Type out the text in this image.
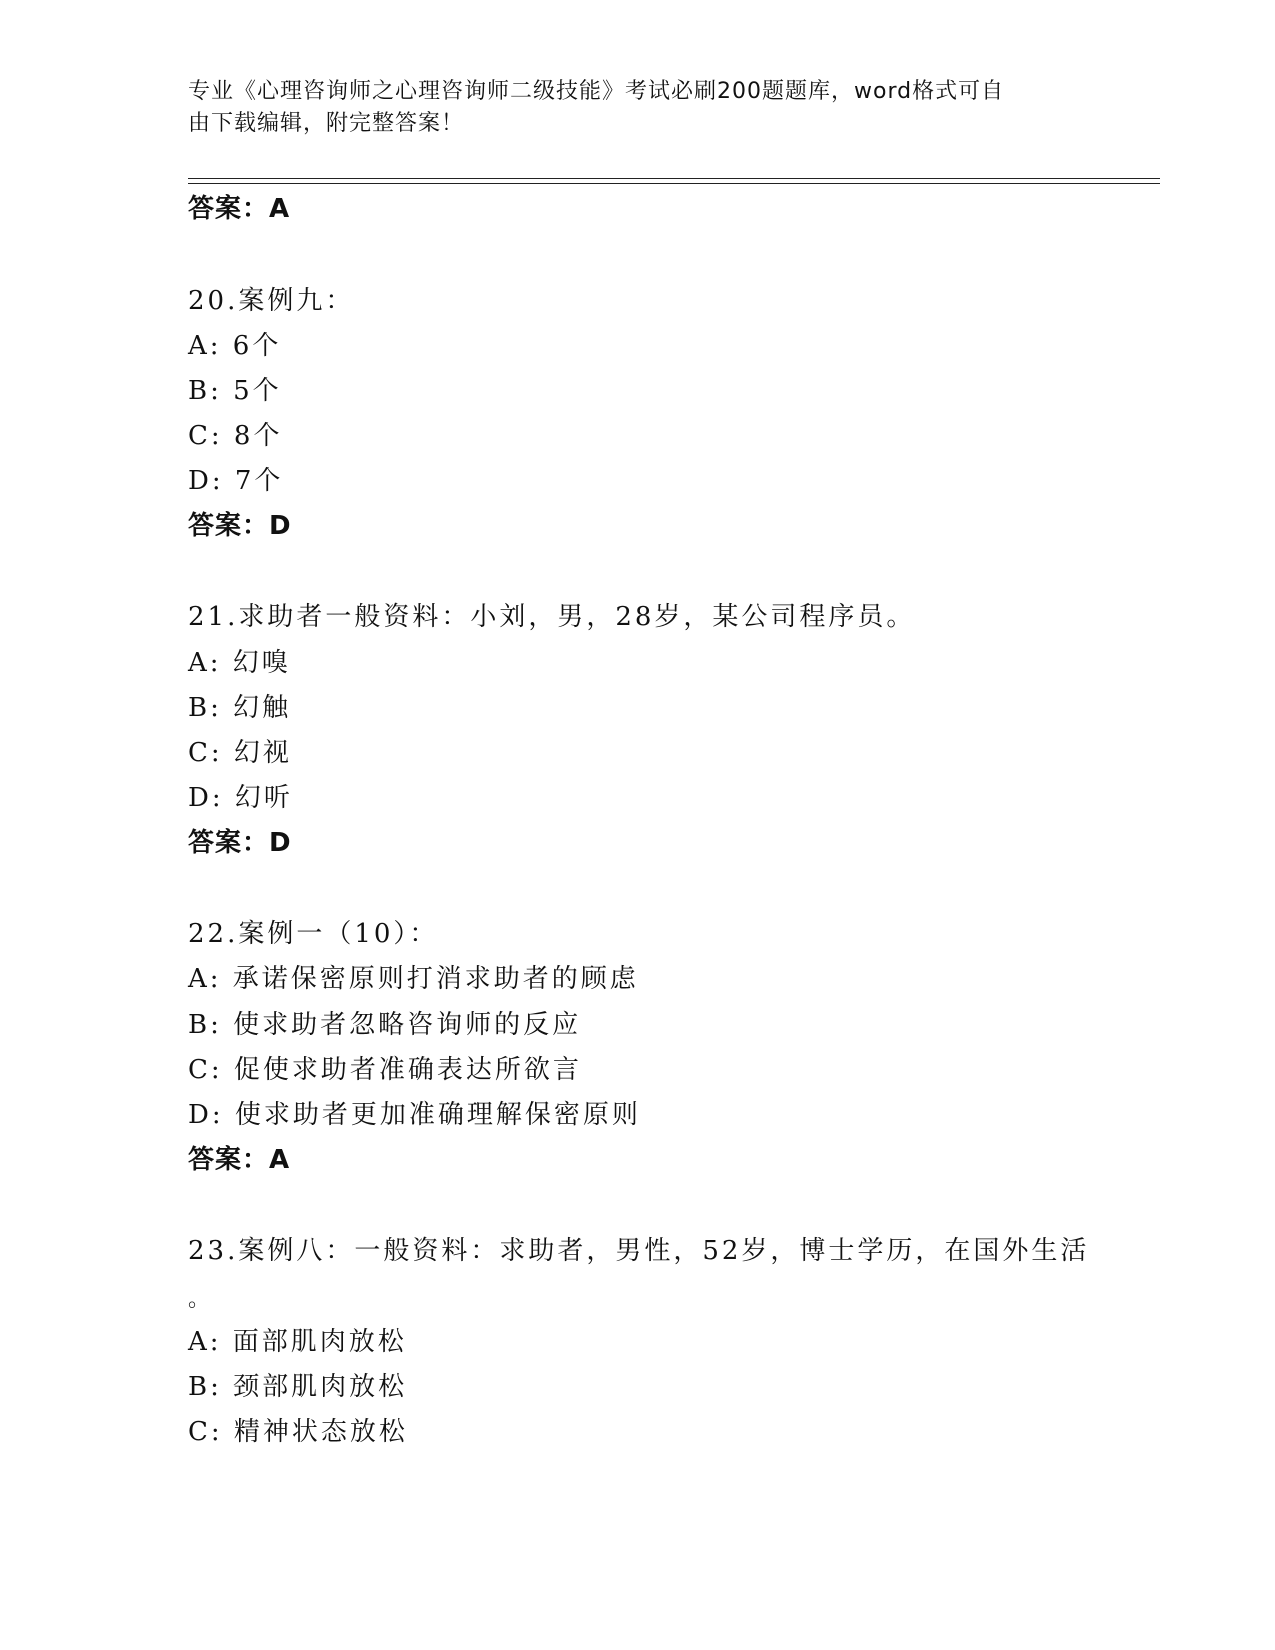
专业《心理咨询师之心理咨询师二级技能》考试必刷200题题库，word格式可自
由下载编辑，附完整答案！
答案：A
20.案例九：
A: 6个
B: 5个
C: 8个
D: 7个
答案：D
21.求助者一般资料：小刘，男，28岁，某公司程序员。
A: 幻嗅
B: 幻触
C: 幻视
D: 幻听
答案：D
22.案例一（10）：
A: 承诺保密原则打消求助者的顾虑
B: 使求助者忽略咨询师的反应
C: 促使求助者准确表达所欲言
D: 使求助者更加准确理解保密原则
答案：A
23.案例八：一般资料：求助者，男性，52岁，博士学历，在国外生活
。
A: 面部肌肉放松
B: 颈部肌肉放松
C: 精神状态放松
